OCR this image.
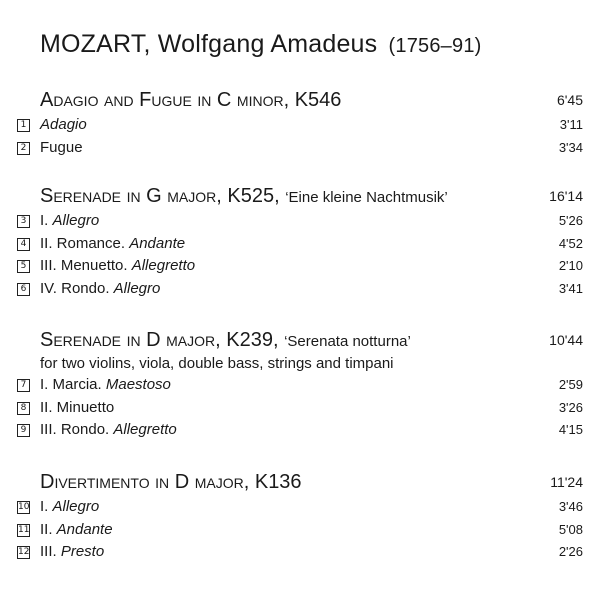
MOZART, Wolfgang Amadeus (1756–91)
Adagio and Fugue in C minor, K546	6'45
1 Adagio	3'11
2 Fugue	3'34
Serenade in G major, K525, ‘Eine kleine Nachtmusik’	16'14
3 I. Allegro	5'26
4 II. Romance. Andante	4'52
5 III. Menuetto. Allegretto	2'10
6 IV. Rondo. Allegro	3'41
Serenade in D major, K239, ‘Serenata notturna’	10'44
for two violins, viola, double bass, strings and timpani
7 I. Marcia. Maestoso	2'59
8 II. Minuetto	3'26
9 III. Rondo. Allegretto	4'15
Divertimento in D major, K136	11'24
10 I. Allegro	3'46
11 II. Andante	5'08
12 III. Presto	2'26
